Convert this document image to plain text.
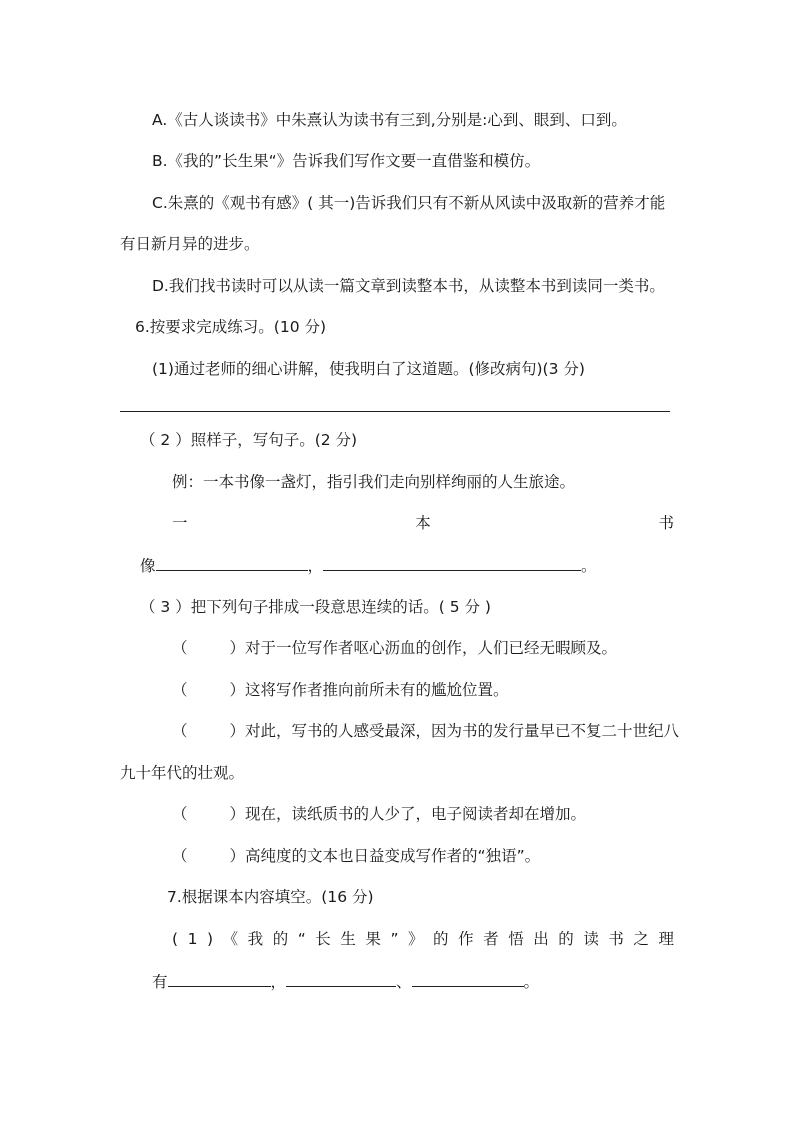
A.《古人谈读书》中朱熹认为读书有三到,分别是:心到、眼到、口到。
B.《我的”长生果“》告诉我们写作文要一直借鉴和模仿。
C.朱熹的《观书有感》( 其一)告诉我们只有不新从风读中汲取新的营养才能
有日新月异的进步。
D.我们找书读时可以从读一篇文章到读整本书，从读整本书到读同一类书。
6.按要求完成练习。(10 分)
(1)通过老师的细心讲解，使我明白了这道题。(修改病句)(3 分)
（ 2 ）照样子，写句子。(2 分)
例：一本书像一盏灯，指引我们走向别样绚丽的人生旅途。
一	本	书
像	，	。
（ 3 ）把下列句子排成一段意思连续的话。( 5 分 )
（	）对于一位写作者呕心沥血的创作，人们已经无暇顾及。
（	）这将写作者推向前所未有的尴尬位置。
（	）对此，写书的人感受最深，因为书的发行量早已不复二十世纪八
九十年代的壮观。
（	）现在，读纸质书的人少了，电子阅读者却在增加。
（	）高纯度的文本也日益变成写作者的“独语”。
7.根据课本内容填空。(16 分)
( 1 ) 《 我 的 “ 长 生 果 ” 》 的 作 者 悟 出 的 读 书 之 理
有	，	、	。
